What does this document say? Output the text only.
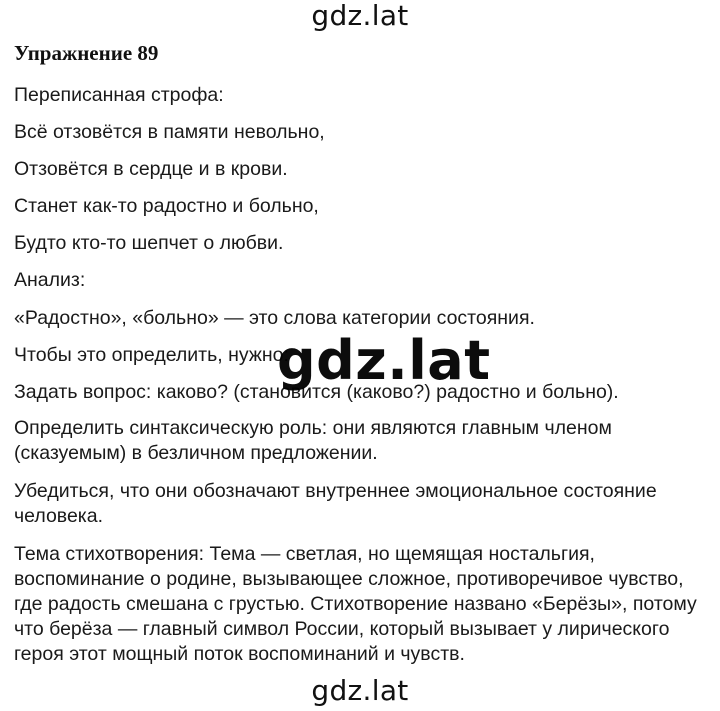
gdz.lat
Упражнение 89
Переписанная строфа:
Всё отзовётся в памяти невольно,
Отзовётся в сердце и в крови.
Станет как-то радостно и больно,
Будто кто-то шепчет о любви.
Анализ:
«Радостно», «больно» — это слова категории состояния.
Чтобы это определить, нужно:
Задать вопрос: каково? (становится (каково?) радостно и больно).
Определить синтаксическую роль: они являются главным членом (сказуемым) в безличном предложении.
Убедиться, что они обозначают внутреннее эмоциональное состояние человека.
Тема стихотворения: Тема — светлая, но щемящая ностальгия, воспоминание о родине, вызывающее сложное, противоречивое чувство, где радость смешана с грустью. Стихотворение названо «Берёзы», потому что берёза — главный символ России, который вызывает у лирического героя этот мощный поток воспоминаний и чувств.
gdz.lat
gdz.lat
